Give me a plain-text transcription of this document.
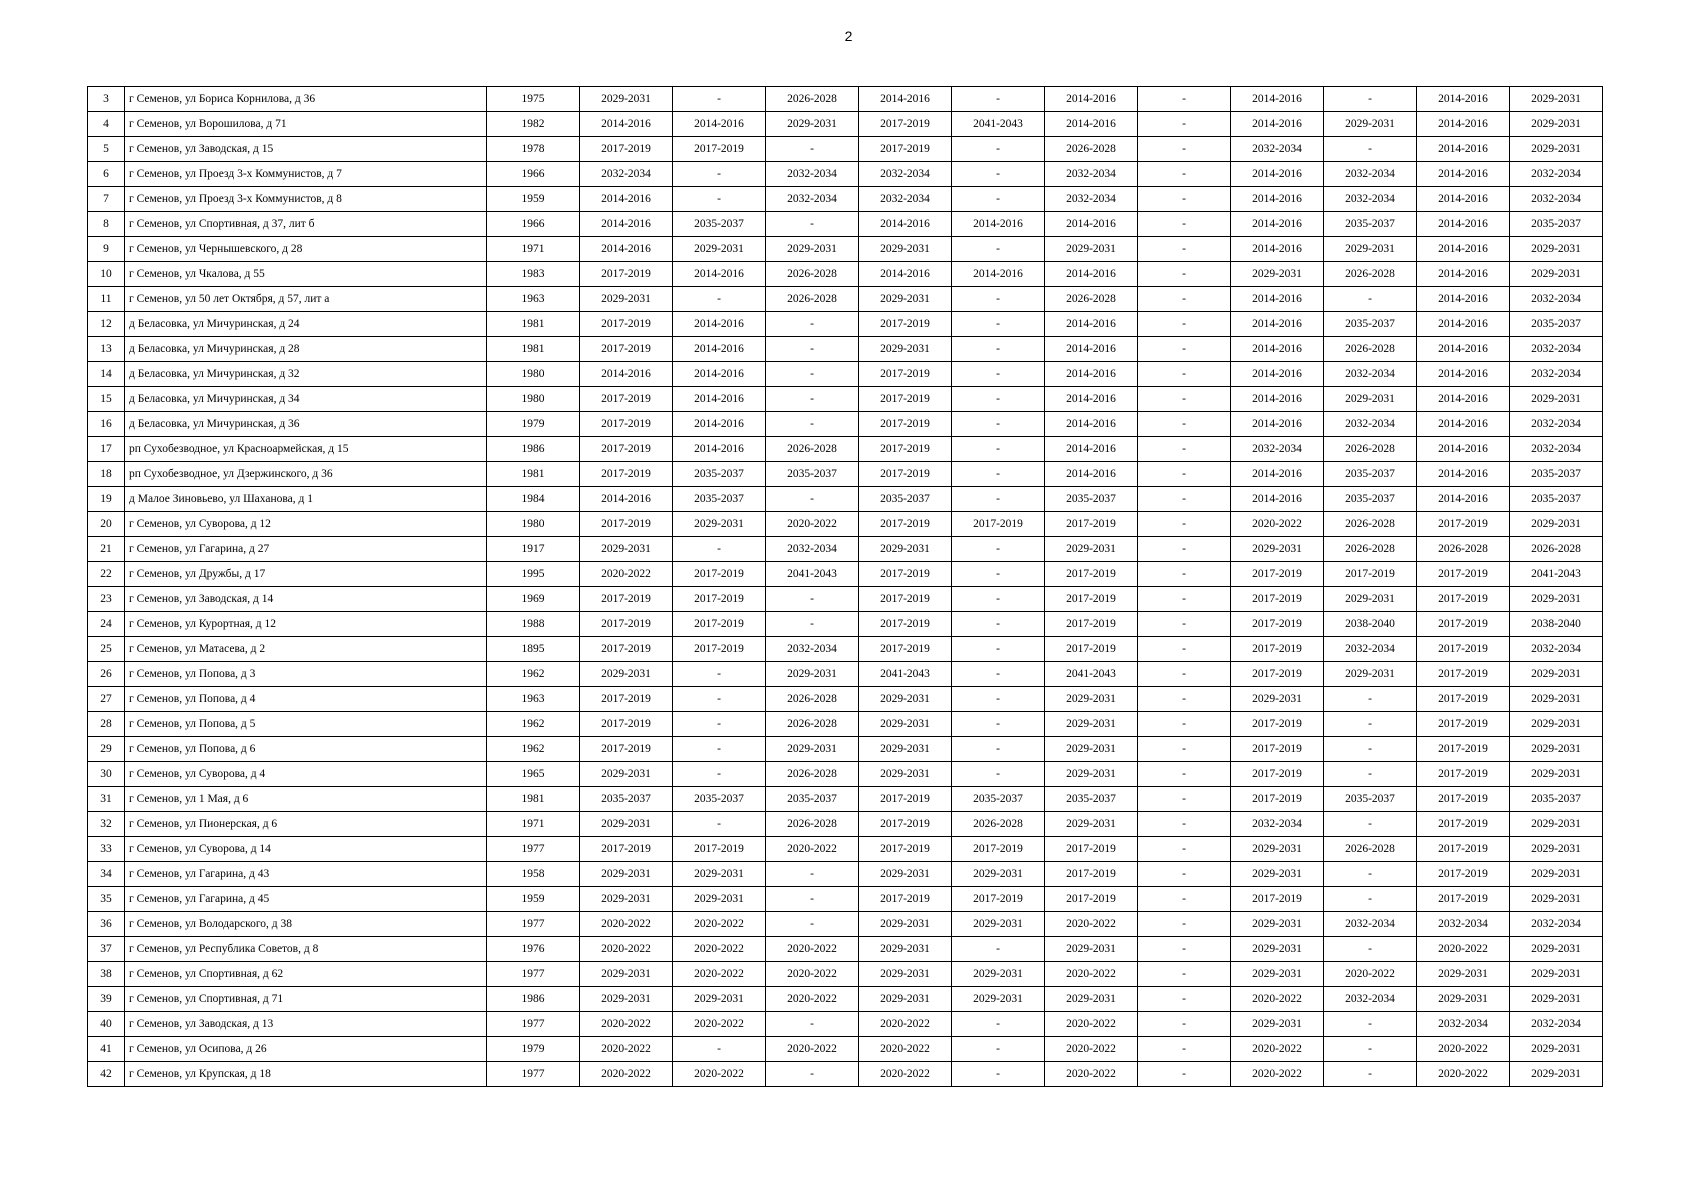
2
3	г Семенов, ул Бориса Корнилова, д 36	1975	2029-2031	-	2026-2028	2014-2016	-	2014-2016	-	2014-2016	-	2014-2016	2029-2031
4	г Семенов, ул Ворошилова, д 71	1982	2014-2016	2014-2016	2029-2031	2017-2019	2041-2043	2014-2016	-	2014-2016	2029-2031	2014-2016	2029-2031
5	г Семенов, ул Заводская, д 15	1978	2017-2019	2017-2019	-	2017-2019	-	2026-2028	-	2032-2034	-	2014-2016	2029-2031
6	г Семенов, ул Проезд 3-х Коммунистов, д 7	1966	2032-2034	-	2032-2034	2032-2034	-	2032-2034	-	2014-2016	2032-2034	2014-2016	2032-2034
7	г Семенов, ул Проезд 3-х Коммунистов, д 8	1959	2014-2016	-	2032-2034	2032-2034	-	2032-2034	-	2014-2016	2032-2034	2014-2016	2032-2034
8	г Семенов, ул Спортивная, д 37, лит б	1966	2014-2016	2035-2037	-	2014-2016	2014-2016	2014-2016	-	2014-2016	2035-2037	2014-2016	2035-2037
9	г Семенов, ул Чернышевского, д 28	1971	2014-2016	2029-2031	2029-2031	2029-2031	-	2029-2031	-	2014-2016	2029-2031	2014-2016	2029-2031
10	г Семенов, ул Чкалова, д 55	1983	2017-2019	2014-2016	2026-2028	2014-2016	2014-2016	2014-2016	-	2029-2031	2026-2028	2014-2016	2029-2031
11	г Семенов, ул 50 лет Октября, д 57, лит а	1963	2029-2031	-	2026-2028	2029-2031	-	2026-2028	-	2014-2016	-	2014-2016	2032-2034
12	д Беласовка, ул Мичуринская, д 24	1981	2017-2019	2014-2016	-	2017-2019	-	2014-2016	-	2014-2016	2035-2037	2014-2016	2035-2037
13	д Беласовка, ул Мичуринская, д 28	1981	2017-2019	2014-2016	-	2029-2031	-	2014-2016	-	2014-2016	2026-2028	2014-2016	2032-2034
14	д Беласовка, ул Мичуринская, д 32	1980	2014-2016	2014-2016	-	2017-2019	-	2014-2016	-	2014-2016	2032-2034	2014-2016	2032-2034
15	д Беласовка, ул Мичуринская, д 34	1980	2017-2019	2014-2016	-	2017-2019	-	2014-2016	-	2014-2016	2029-2031	2014-2016	2029-2031
16	д Беласовка, ул Мичуринская, д 36	1979	2017-2019	2014-2016	-	2017-2019	-	2014-2016	-	2014-2016	2032-2034	2014-2016	2032-2034
17	рп Сухобезводное, ул Красноармейская, д 15	1986	2017-2019	2014-2016	2026-2028	2017-2019	-	2014-2016	-	2032-2034	2026-2028	2014-2016	2032-2034
18	рп Сухобезводное, ул Дзержинского, д 36	1981	2017-2019	2035-2037	2035-2037	2017-2019	-	2014-2016	-	2014-2016	2035-2037	2014-2016	2035-2037
19	д Малое Зиновьево, ул Шаханова, д 1	1984	2014-2016	2035-2037	-	2035-2037	-	2035-2037	-	2014-2016	2035-2037	2014-2016	2035-2037
20	г Семенов, ул Суворова, д 12	1980	2017-2019	2029-2031	2020-2022	2017-2019	2017-2019	2017-2019	-	2020-2022	2026-2028	2017-2019	2029-2031
21	г Семенов, ул Гагарина, д 27	1917	2029-2031	-	2032-2034	2029-2031	-	2029-2031	-	2029-2031	2026-2028	2026-2028	2026-2028
22	г Семенов, ул Дружбы, д 17	1995	2020-2022	2017-2019	2041-2043	2017-2019	-	2017-2019	-	2017-2019	2017-2019	2017-2019	2041-2043
23	г Семенов, ул Заводская, д 14	1969	2017-2019	2017-2019	-	2017-2019	-	2017-2019	-	2017-2019	2029-2031	2017-2019	2029-2031
24	г Семенов, ул Курортная, д 12	1988	2017-2019	2017-2019	-	2017-2019	-	2017-2019	-	2017-2019	2038-2040	2017-2019	2038-2040
25	г Семенов, ул Матасева, д 2	1895	2017-2019	2017-2019	2032-2034	2017-2019	-	2017-2019	-	2017-2019	2032-2034	2017-2019	2032-2034
26	г Семенов, ул Попова, д 3	1962	2029-2031	-	2029-2031	2041-2043	-	2041-2043	-	2017-2019	2029-2031	2017-2019	2029-2031
27	г Семенов, ул Попова, д 4	1963	2017-2019	-	2026-2028	2029-2031	-	2029-2031	-	2029-2031	-	2017-2019	2029-2031
28	г Семенов, ул Попова, д 5	1962	2017-2019	-	2026-2028	2029-2031	-	2029-2031	-	2017-2019	-	2017-2019	2029-2031
29	г Семенов, ул Попова, д 6	1962	2017-2019	-	2029-2031	2029-2031	-	2029-2031	-	2017-2019	-	2017-2019	2029-2031
30	г Семенов, ул Суворова, д 4	1965	2029-2031	-	2026-2028	2029-2031	-	2029-2031	-	2017-2019	-	2017-2019	2029-2031
31	г Семенов, ул 1 Мая, д 6	1981	2035-2037	2035-2037	2035-2037	2017-2019	2035-2037	2035-2037	-	2017-2019	2035-2037	2017-2019	2035-2037
32	г Семенов, ул Пионерская, д 6	1971	2029-2031	-	2026-2028	2017-2019	2026-2028	2029-2031	-	2032-2034	-	2017-2019	2029-2031
33	г Семенов, ул Суворова, д 14	1977	2017-2019	2017-2019	2020-2022	2017-2019	2017-2019	2017-2019	-	2029-2031	2026-2028	2017-2019	2029-2031
34	г Семенов, ул Гагарина, д 43	1958	2029-2031	2029-2031	-	2029-2031	2029-2031	2017-2019	-	2029-2031	-	2017-2019	2029-2031
35	г Семенов, ул Гагарина, д 45	1959	2029-2031	2029-2031	-	2017-2019	2017-2019	2017-2019	-	2017-2019	-	2017-2019	2029-2031
36	г Семенов, ул Володарского, д 38	1977	2020-2022	2020-2022	-	2029-2031	2029-2031	2020-2022	-	2029-2031	2032-2034	2032-2034	2032-2034
37	г Семенов, ул Республика Советов, д 8	1976	2020-2022	2020-2022	2020-2022	2029-2031	-	2029-2031	-	2029-2031	-	2020-2022	2029-2031
38	г Семенов, ул Спортивная, д 62	1977	2029-2031	2020-2022	2020-2022	2029-2031	2029-2031	2020-2022	-	2029-2031	2020-2022	2029-2031	2029-2031
39	г Семенов, ул Спортивная, д 71	1986	2029-2031	2029-2031	2020-2022	2029-2031	2029-2031	2029-2031	-	2020-2022	2032-2034	2029-2031	2029-2031
40	г Семенов, ул Заводская, д 13	1977	2020-2022	2020-2022	-	2020-2022	-	2020-2022	-	2029-2031	-	2032-2034	2032-2034
41	г Семенов, ул Осипова, д 26	1979	2020-2022	-	2020-2022	2020-2022	-	2020-2022	-	2020-2022	-	2020-2022	2029-2031
42	г Семенов, ул Крупская, д 18	1977	2020-2022	2020-2022	-	2020-2022	-	2020-2022	-	2020-2022	-	2020-2022	2029-2031
